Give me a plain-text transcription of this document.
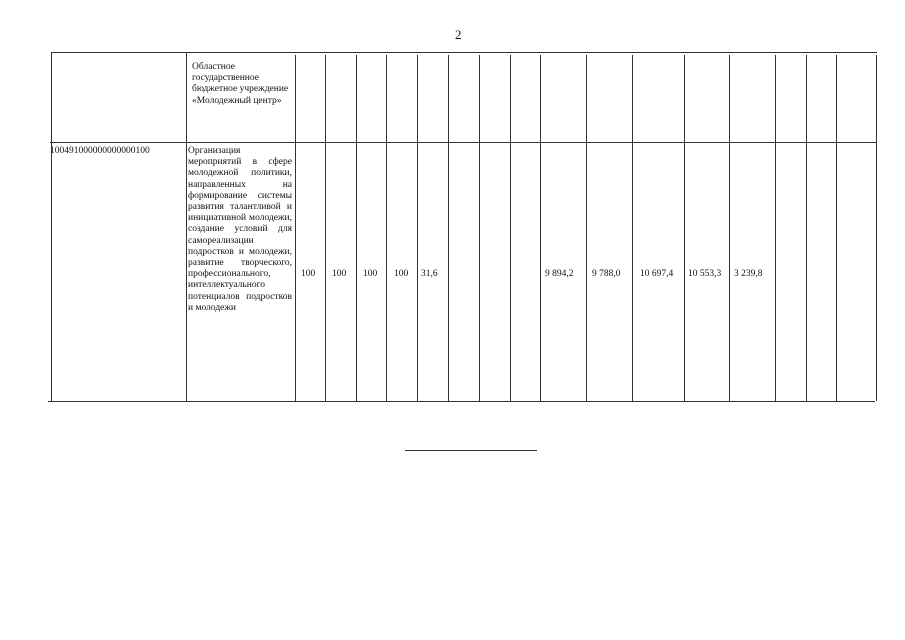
2
Областное государственное бюджетное учреждение «Молодежный центр»
100491000000000000100	Организация мероприятий в сфере молодежной политики, направленных на формирование системы развития талантливой и инициативной молодежи, создание условий для самореализации подростков и молодежи, развитие творческого, профессионального, интеллектуального потенциалов подростков и молодежи
100 100 100 100 31,6	9 894,2 9 788,0 10 697,4 10 553,3 3 239,8
